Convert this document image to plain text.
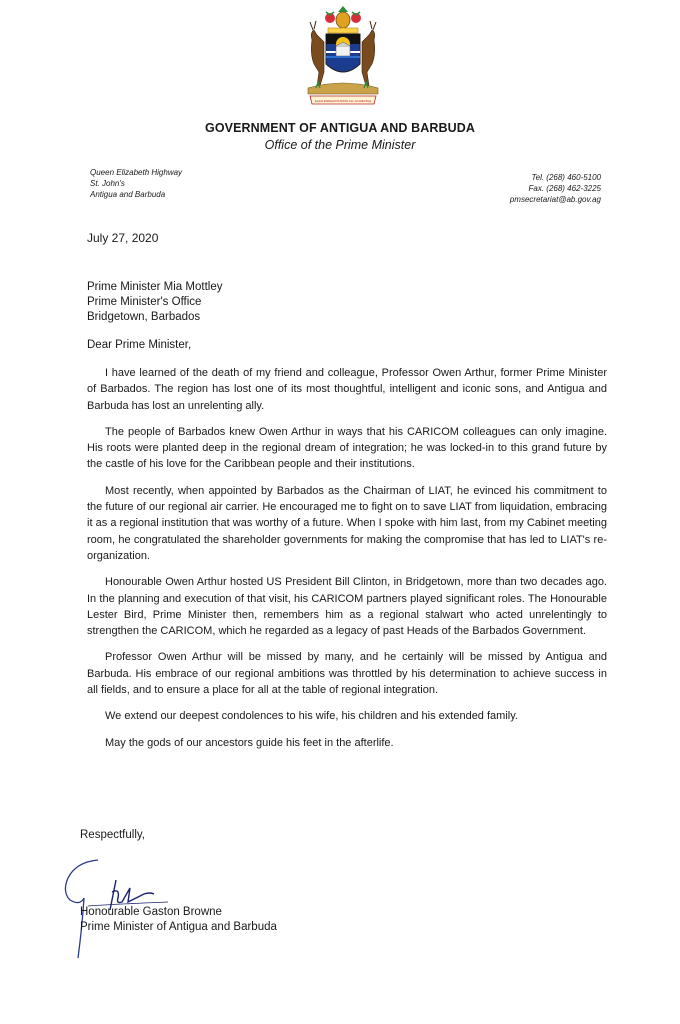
EACH ENDEAVOURING ALL ACHIEVING
GOVERNMENT OF ANTIGUA AND BARBUDA
Office of the Prime Minister
Queen Elizabeth Highway
St. John's
Antigua and Barbuda
Tel. (268) 460-5100
Fax. (268) 462-3225
pmsecretariat@ab.gov.ag
July 27, 2020
Prime Minister Mia Mottley
Prime Minister's Office
Bridgetown, Barbados
Dear Prime Minister,

I have learned of the death of my friend and colleague, Professor Owen Arthur, former Prime Minister of Barbados. The region has lost one of its most thoughtful, intelligent and iconic sons, and Antigua and Barbuda has lost an unrelenting ally.

The people of Barbados knew Owen Arthur in ways that his CARICOM colleagues can only imagine. His roots were planted deep in the regional dream of integration; he was locked-in to this grand future by the castle of his love for the Caribbean people and their institutions.

Most recently, when appointed by Barbados as the Chairman of LIAT, he evinced his commitment to the future of our regional air carrier. He encouraged me to fight on to save LIAT from liquidation, embracing it as a regional institution that was worthy of a future. When I spoke with him last, from my Cabinet meeting room, he congratulated the shareholder governments for making the compromise that has led to LIAT's re-organization.

Honourable Owen Arthur hosted US President Bill Clinton, in Bridgetown, more than two decades ago. In the planning and execution of that visit, his CARICOM partners played significant roles. The Honourable Lester Bird, Prime Minister then, remembers him as a regional stalwart who acted unrelentingly to strengthen the CARICOM, which he regarded as a legacy of past Heads of the Barbados Government.

Professor Owen Arthur will be missed by many, and he certainly will be missed by Antigua and Barbuda. His embrace of our regional ambitions was throttled by his determination to achieve success in all fields, and to ensure a place for all at the table of regional integration.

We extend our deepest condolences to his wife, his children and his extended family.

May the gods of our ancestors guide his feet in the afterlife.

Respectfully,
Honourable Gaston Browne
Prime Minister of Antigua and Barbuda
